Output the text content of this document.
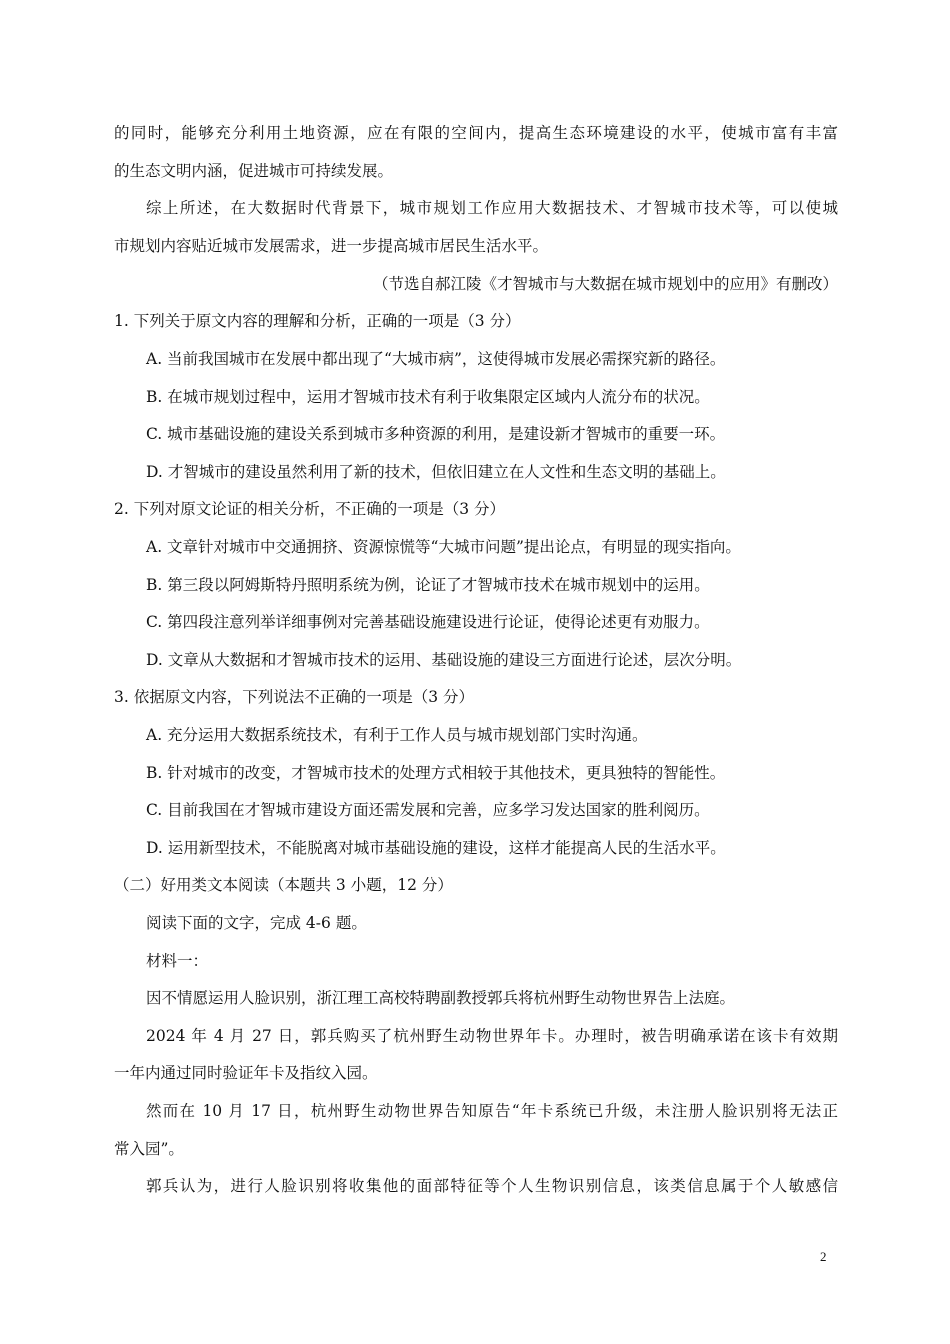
的同时，能够充分利用土地资源，应在有限的空间内，提高生态环境建设的水平，使城市富有丰富
的生态文明内涵，促进城市可持续发展。
综上所述，在大数据时代背景下，城市规划工作应用大数据技术、才智城市技术等，可以使城
市规划内容贴近城市发展需求，进一步提高城市居民生活水平。
（节选自郝江陵《才智城市与大数据在城市规划中的应用》有删改）
1. 下列关于原文内容的理解和分析，正确的一项是（3 分）
A. 当前我国城市在发展中都出现了“大城市病”，这使得城市发展必需探究新的路径。
B. 在城市规划过程中，运用才智城市技术有利于收集限定区域内人流分布的状况。
C. 城市基础设施的建设关系到城市多种资源的利用，是建设新才智城市的重要一环。
D. 才智城市的建设虽然利用了新的技术，但依旧建立在人文性和生态文明的基础上。
2. 下列对原文论证的相关分析，不正确的一项是（3 分）
A. 文章针对城市中交通拥挤、资源惊慌等“大城市问题”提出论点，有明显的现实指向。
B. 第三段以阿姆斯特丹照明系统为例，论证了才智城市技术在城市规划中的运用。
C. 第四段注意列举详细事例对完善基础设施建设进行论证，使得论述更有劝服力。
D. 文章从大数据和才智城市技术的运用、基础设施的建设三方面进行论述，层次分明。
3. 依据原文内容，下列说法不正确的一项是（3 分）
A. 充分运用大数据系统技术，有利于工作人员与城市规划部门实时沟通。
B. 针对城市的改变，才智城市技术的处理方式相较于其他技术，更具独特的智能性。
C. 目前我国在才智城市建设方面还需发展和完善，应多学习发达国家的胜利阅历。
D. 运用新型技术，不能脱离对城市基础设施的建设，这样才能提高人民的生活水平。
（二）好用类文本阅读（本题共 3 小题，12 分）
阅读下面的文字，完成 4-6 题。
材料一：
因不情愿运用人脸识别，浙江理工高校特聘副教授郭兵将杭州野生动物世界告上法庭。
2024 年 4 月 27 日，郭兵购买了杭州野生动物世界年卡。办理时，被告明确承诺在该卡有效期
一年内通过同时验证年卡及指纹入园。
然而在 10 月 17 日，杭州野生动物世界告知原告“年卡系统已升级，未注册人脸识别将无法正
常入园”。
郭兵认为，进行人脸识别将收集他的面部特征等个人生物识别信息，该类信息属于个人敏感信
2
